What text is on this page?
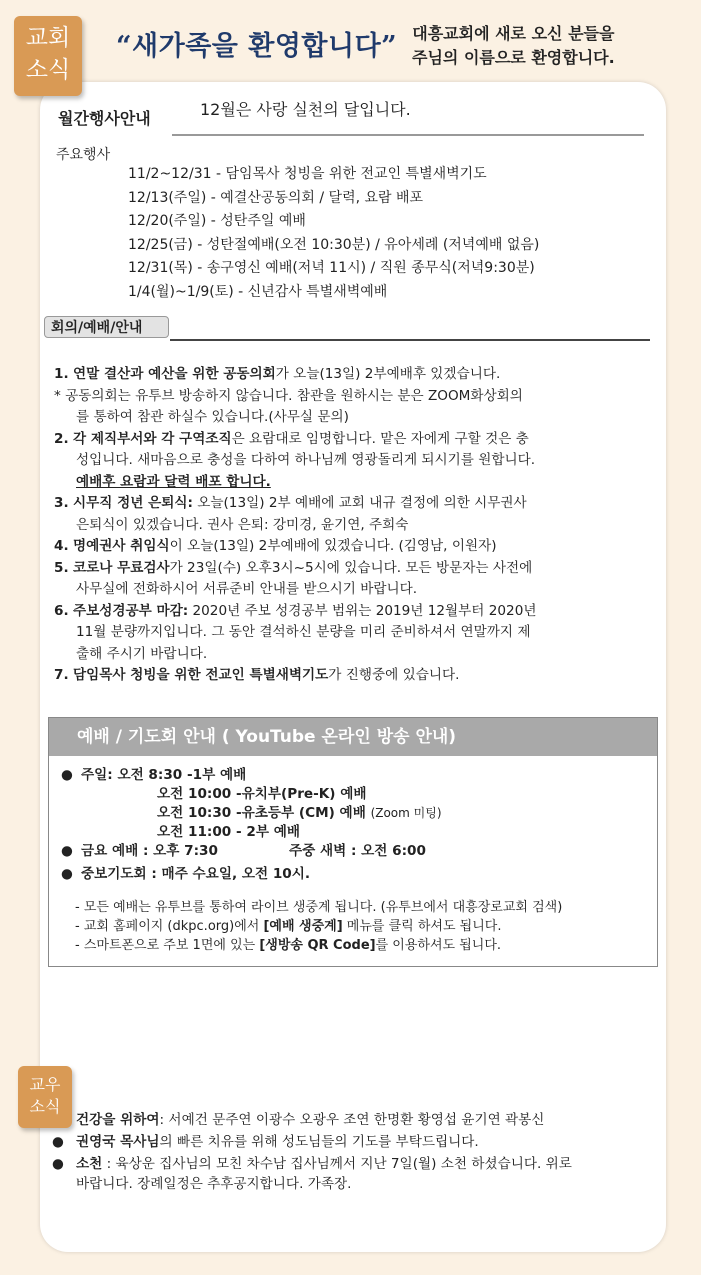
교회
소식
“새가족을 환영합니다” 대흥교회에 새로 오신 분들을
주님의 이름으로 환영합니다.
월간행사안내	12월은 사랑 실천의 달입니다.
주요행사
11/2~12/31 - 담임목사 청빙을 위한 전교인 특별새벽기도
12/13(주일) - 예결산공동의회 / 달력, 요람 배포
12/20(주일) - 성탄주일 예배
12/25(금) - 성탄절예배(오전 10:30분) / 유아세례 (저녁예배 없음)
12/31(목) - 송구영신 예배(저녁 11시) / 직원 종무식(저녁9:30분)
1/4(월)~1/9(토) - 신년감사 특별새벽예배
회의/예배/안내

1. 연말 결산과 예산을 위한 공동의회가 오늘(13일) 2부예배후 있겠습니다.

* 공동의회는 유투브 방송하지 않습니다. 참관을 원하시는 분은 ZOOM화상회의
를 통하여 참관 하실수 있습니다.(사무실 문의)

2. 각 제직부서와 각 구역조직은 요람대로 임명합니다. 맡은 자에게 구할 것은 충
성입니다. 새마음으로 충성을 다하여 하나님께 영광돌리게 되시기를 원합니다.
예배후 요람과 달력 배포 합니다.

3. 시무직 정년 은퇴식: 오늘(13일) 2부 예배에 교회 내규 결정에 의한 시무권사
은퇴식이 있겠습니다. 권사 은퇴: 강미경, 윤기연, 주희숙

4. 명예권사 취임식이 오늘(13일) 2부예배에 있겠습니다. (김영남, 이원자)

5. 코로나 무료검사가 23일(수) 오후3시~5시에 있습니다. 모든 방문자는 사전에
사무실에 전화하시어 서류준비 안내를 받으시기 바랍니다.

6. 주보성경공부 마감: 2020년 주보 성경공부 범위는 2019년 12월부터 2020년
11월 분량까지입니다. 그 동안 결석하신 분량을 미리 준비하셔서 연말까지 제
출해 주시기 바랍니다.

7. 담임목사 청빙을 위한 전교인 특별새벽기도가 진행중에 있습니다.

예배 / 기도회 안내 ( YouTube 온라인 방송 안내)
● 주일: 오전 8:30 -1부 예배
오전 10:00 -유치부(Pre-K) 예배
오전 10:30 -유초등부 (CM) 예배 (Zoom 미팅)
오전 11:00 - 2부 예배
● 금요 예배 : 오후 7:30	주중 새벽 : 오전 6:00
● 중보기도회 : 매주 수요일, 오전 10시.
- 모든 예배는 유투브를 통하여 라이브 생중계 됩니다. (유투브에서 대흥장로교회 검색)
- 교회 홈페이지 (dkpc.org)에서 [예배 생중계] 메뉴를 클릭 하셔도 됩니다.
- 스마트폰으로 주보 1면에 있는 [생방송 QR Code]를 이용하셔도 됩니다.
교우
소식
건강을 위하여: 서예건 문주연 이광수 오광우 조연 한명환 황영섭 윤기연 곽봉신
● 권영국 목사님의 빠른 치유를 위해 성도님들의 기도를 부탁드립니다.
● 소천 : 육상운 집사님의 모친 차수남 집사님께서 지난 7일(월) 소천 하셨습니다. 위로
바랍니다. 장례일정은 추후공지합니다. 가족장.
